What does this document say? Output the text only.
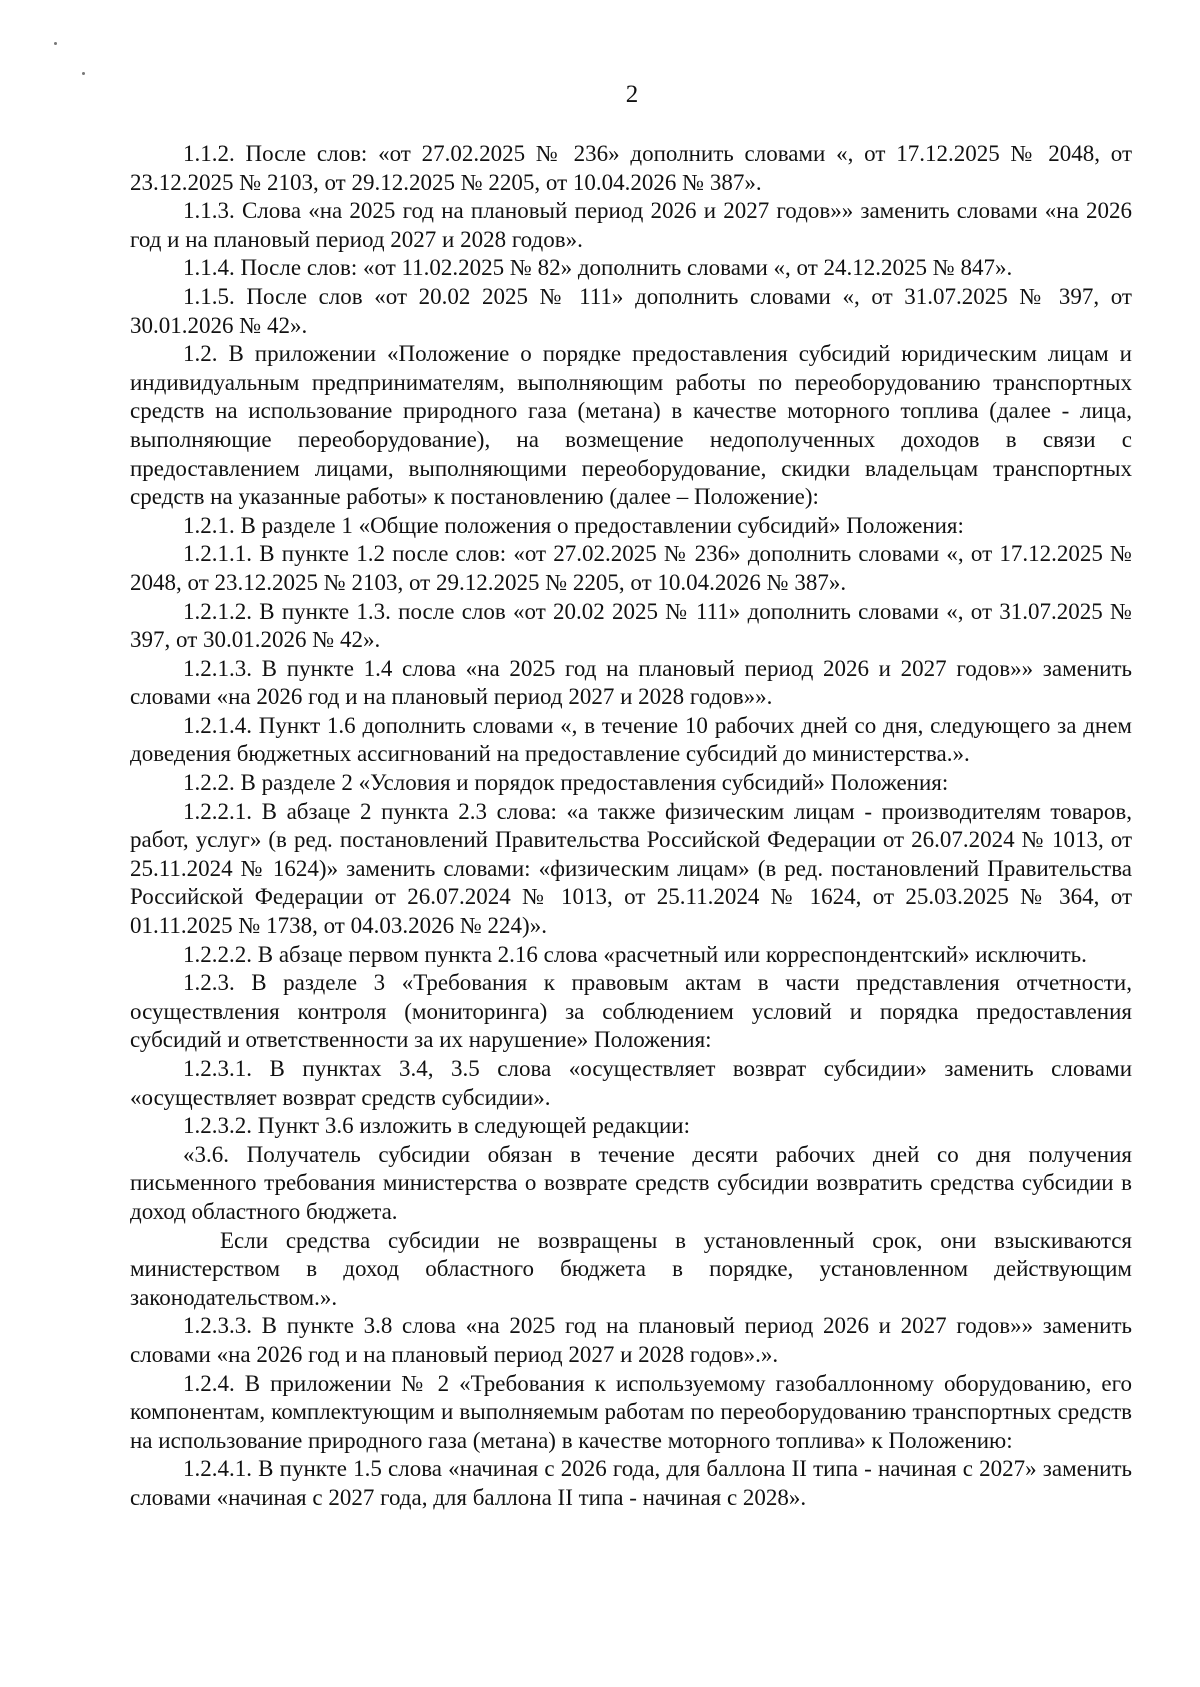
2

1.1.2. После слов: «от 27.02.2025 № 236» дополнить словами «, от 17.12.2025 № 2048, от 23.12.2025 № 2103, от 29.12.2025 № 2205, от 10.04.2026 № 387».

1.1.3. Слова «на 2025 год на плановый период 2026 и 2027 годов»» заменить словами «на 2026 год и на плановый период 2027 и 2028 годов».

1.1.4. После слов: «от 11.02.2025 № 82» дополнить словами «, от 24.12.2025 № 847».

1.1.5. После слов «от 20.02 2025 № 111» дополнить словами «, от 31.07.2025 № 397, от 30.01.2026 № 42».

1.2. В приложении «Положение о порядке предоставления субсидий юридическим лицам и индивидуальным предпринимателям, выполняющим работы по переоборудованию транспортных средств на использование природного газа (метана) в качестве моторного топлива (далее - лица, выполняющие переоборудование), на возмещение недополученных доходов в связи с предоставлением лицами, выполняющими переоборудование, скидки владельцам транспортных средств на указанные работы» к постановлению (далее – Положение):

1.2.1. В разделе 1 «Общие положения о предоставлении субсидий» Положения:

1.2.1.1. В пункте 1.2 после слов: «от 27.02.2025 № 236» дополнить словами «, от 17.12.2025 № 2048, от 23.12.2025 № 2103, от 29.12.2025 № 2205, от 10.04.2026 № 387».

1.2.1.2. В пункте 1.3. после слов «от 20.02 2025 № 111» дополнить словами «, от 31.07.2025 № 397, от 30.01.2026 № 42».

1.2.1.3. В пункте 1.4 слова «на 2025 год на плановый период 2026 и 2027 годов»» заменить словами «на 2026 год и на плановый период 2027 и 2028 годов»».

1.2.1.4. Пункт 1.6 дополнить словами «, в течение 10 рабочих дней со дня, следующего за днем доведения бюджетных ассигнований на предоставление субсидий до министерства.».

1.2.2. В разделе 2 «Условия и порядок предоставления субсидий» Положения:

1.2.2.1. В абзаце 2 пункта 2.3 слова: «а также физическим лицам - производителям товаров, работ, услуг» (в ред. постановлений Правительства Российской Федерации от 26.07.2024 № 1013, от 25.11.2024 № 1624)» заменить словами: «физическим лицам» (в ред. постановлений Правительства Российской Федерации от 26.07.2024 № 1013, от 25.11.2024 № 1624, от 25.03.2025 № 364, от 01.11.2025 № 1738, от 04.03.2026 № 224)».

1.2.2.2. В абзаце первом пункта 2.16 слова «расчетный или корреспондентский» исключить.

1.2.3. В разделе 3 «Требования к правовым актам в части представления отчетности, осуществления контроля (мониторинга) за соблюдением условий и порядка предоставления субсидий и ответственности за их нарушение» Положения:

1.2.3.1. В пунктах 3.4, 3.5 слова «осуществляет возврат субсидии» заменить словами «осуществляет возврат средств субсидии».

1.2.3.2. Пункт 3.6 изложить в следующей редакции:

«3.6. Получатель субсидии обязан в течение десяти рабочих дней со дня получения письменного требования министерства о возврате средств субсидии возвратить средства субсидии в доход областного бюджета.

Если средства субсидии не возвращены в установленный срок, они взыскиваются министерством в доход областного бюджета в порядке, установленном действующим законодательством.».

1.2.3.3. В пункте 3.8 слова «на 2025 год на плановый период 2026 и 2027 годов»» заменить словами «на 2026 год и на плановый период 2027 и 2028 годов».».

1.2.4. В приложении № 2 «Требования к используемому газобаллонному оборудованию, его компонентам, комплектующим и выполняемым работам по переоборудованию транспортных средств на использование природного газа (метана) в качестве моторного топлива» к Положению:

1.2.4.1. В пункте 1.5 слова «начиная с 2026 года, для баллона II типа - начиная с 2027» заменить словами «начиная с 2027 года, для баллона II типа - начиная с 2028».
